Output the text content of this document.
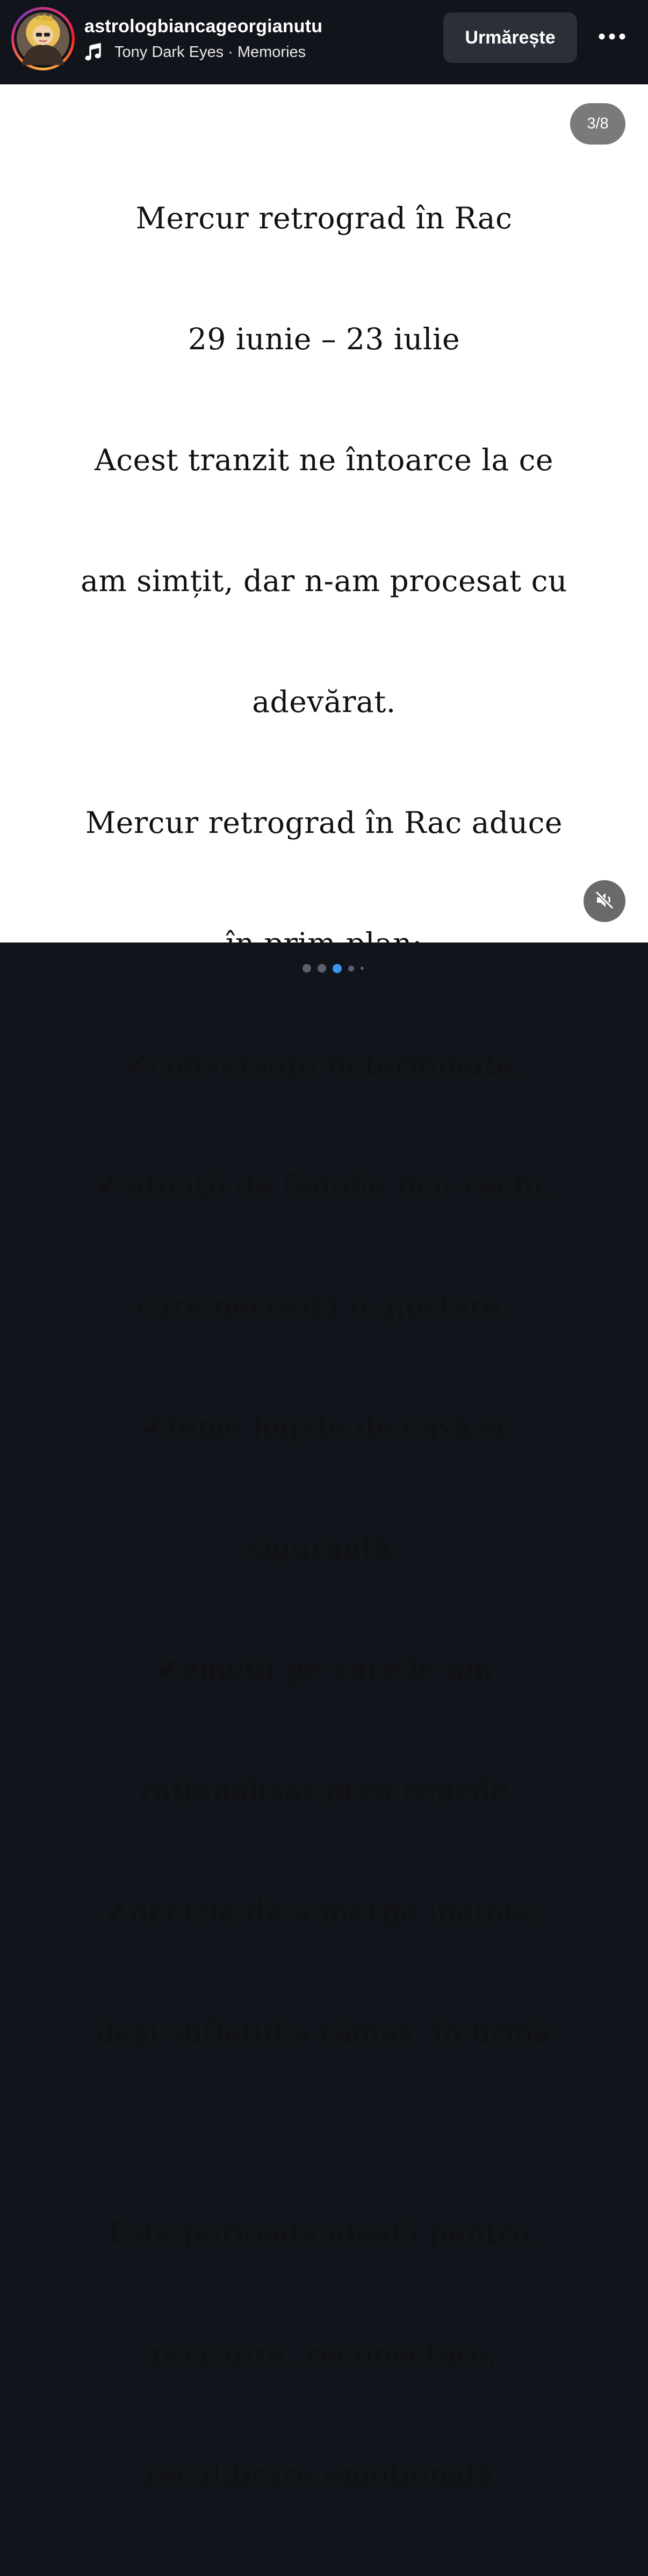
astrologbiancageorgianutu
Tony Dark Eyes · Memories
Urmărește
3/8

Mercur retrograd în Rac

29 iunie – 23 iulie

Acest tranzit ne întoarce la ce

am simțit, dar n-am procesat cu

adevărat.

Mercur retrograd în Rac aduce

✔conversații neterminate,

✔situații de familie mai vechi,

care necesită o ajustare,

✔teme legate de casă și

siguranță,

✔emoții pe care le-am

raționalizat prea repede

✔decizia de a merge înainte,

deși sufletul a rămas  în urmă

Este perioada ideală pentru:

revizuire, reconectare,

recalibrare emoțională.
